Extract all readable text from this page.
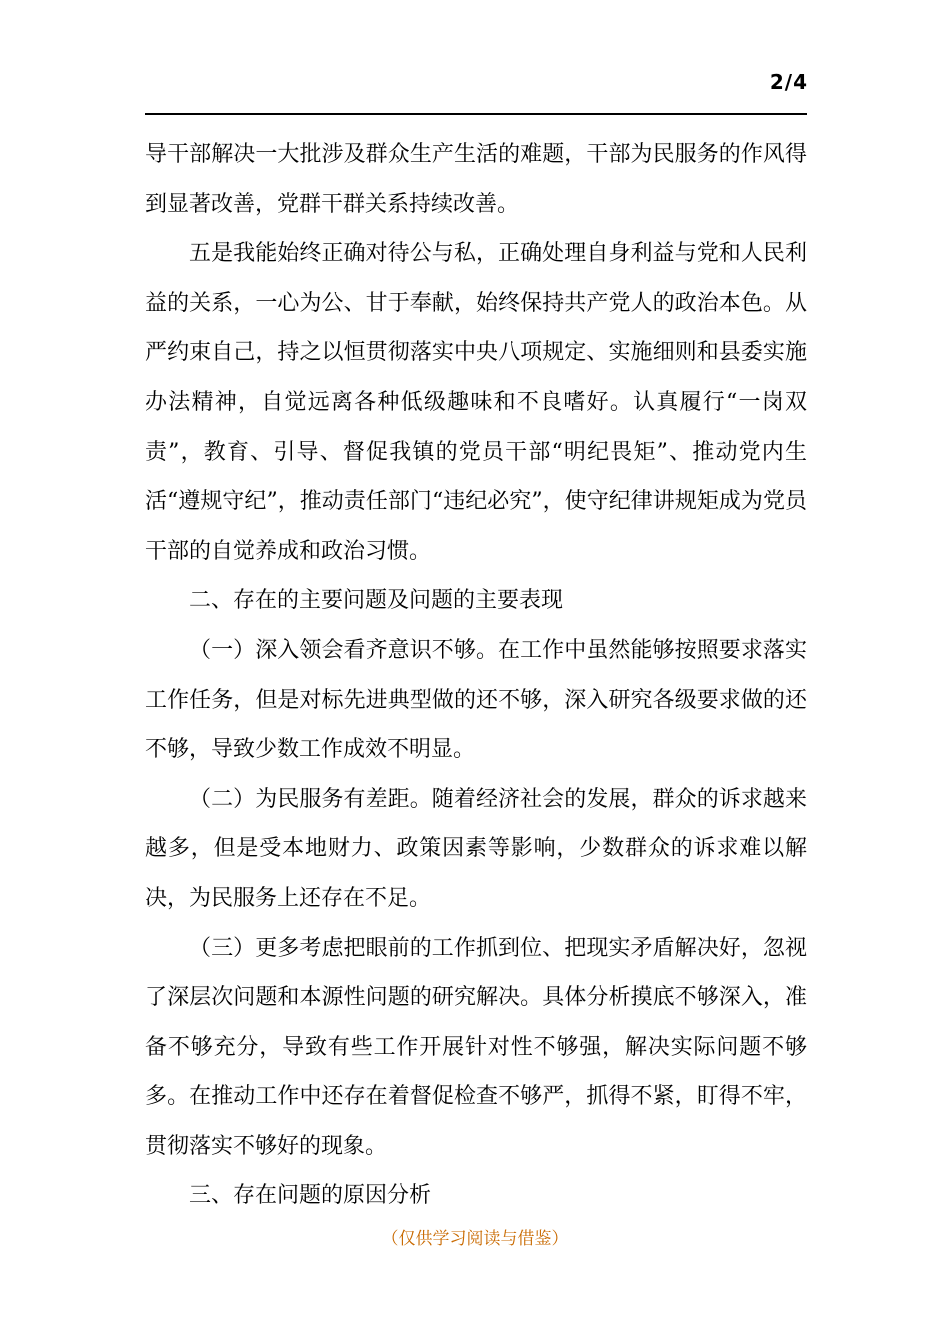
2/4

导干部解决一大批涉及群众生产生活的难题，干部为民服务的作风得到显著改善，党群干群关系持续改善。

五是我能始终正确对待公与私，正确处理自身利益与党和人民利益的关系，一心为公、甘于奉献，始终保持共产党人的政治本色。从严约束自己，持之以恒贯彻落实中央八项规定、实施细则和县委实施办法精神，自觉远离各种低级趣味和不良嗜好。认真履行“一岗双责”，教育、引导、督促我镇的党员干部“明纪畏矩”、推动党内生活“遵规守纪”，推动责任部门“违纪必究”，使守纪律讲规矩成为党员干部的自觉养成和政治习惯。

二、存在的主要问题及问题的主要表现

（一）深入领会看齐意识不够。在工作中虽然能够按照要求落实工作任务，但是对标先进典型做的还不够，深入研究各级要求做的还不够，导致少数工作成效不明显。

（二）为民服务有差距。随着经济社会的发展，群众的诉求越来越多，但是受本地财力、政策因素等影响，少数群众的诉求难以解决，为民服务上还存在不足。

（三）更多考虑把眼前的工作抓到位、把现实矛盾解决好，忽视了深层次问题和本源性问题的研究解决。具体分析摸底不够深入，准备不够充分，导致有些工作开展针对性不够强，解决实际问题不够多。在推动工作中还存在着督促检查不够严，抓得不紧，盯得不牢，贯彻落实不够好的现象。

三、存在问题的原因分析

（仅供学习阅读与借鉴）
